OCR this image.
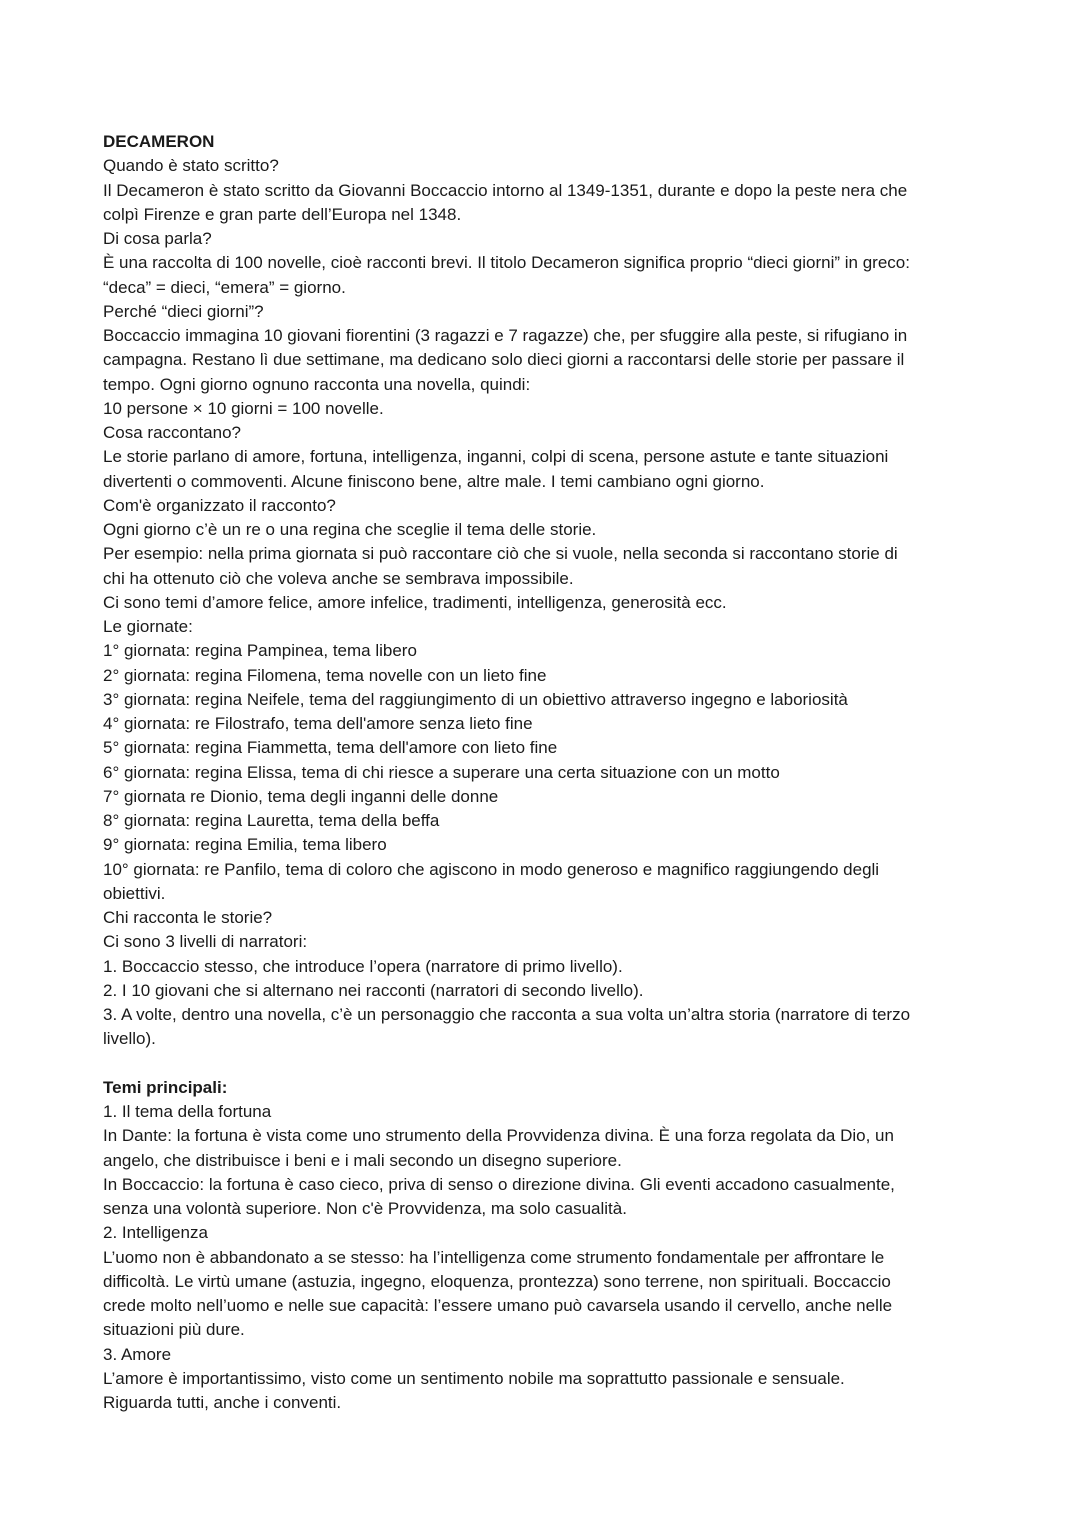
DECAMERON
Quando è stato scritto?
Il Decameron è stato scritto da Giovanni Boccaccio intorno al 1349-1351, durante e dopo la peste nera che
colpì Firenze e gran parte dell’Europa nel 1348.
Di cosa parla?
È una raccolta di 100 novelle, cioè racconti brevi. Il titolo Decameron significa proprio “dieci giorni” in greco:
“deca” = dieci, “emera” = giorno.
Perché “dieci giorni”?
Boccaccio immagina 10 giovani fiorentini (3 ragazzi e 7 ragazze) che, per sfuggire alla peste, si rifugiano in
campagna. Restano lì due settimane, ma dedicano solo dieci giorni a raccontarsi delle storie per passare il
tempo. Ogni giorno ognuno racconta una novella, quindi:
10 persone × 10 giorni = 100 novelle.
Cosa raccontano?
Le storie parlano di amore, fortuna, intelligenza, inganni, colpi di scena, persone astute e tante situazioni
divertenti o commoventi. Alcune finiscono bene, altre male. I temi cambiano ogni giorno.
Com'è organizzato il racconto?
Ogni giorno c’è un re o una regina che sceglie il tema delle storie.
Per esempio: nella prima giornata si può raccontare ciò che si vuole, nella seconda si raccontano storie di
chi ha ottenuto ciò che voleva anche se sembrava impossibile.
Ci sono temi d’amore felice, amore infelice, tradimenti, intelligenza, generosità ecc.
Le giornate:
1° giornata: regina Pampinea, tema libero
2° giornata: regina Filomena, tema novelle con un lieto fine
3° giornata: regina Neifele, tema del raggiungimento di un obiettivo attraverso ingegno e laboriosità
4° giornata: re Filostrafo, tema dell'amore senza lieto fine
5° giornata: regina Fiammetta, tema dell'amore con lieto fine
6° giornata: regina Elissa, tema di chi riesce a superare una certa situazione con un motto
7° giornata re Dionio, tema degli inganni delle donne
8° giornata: regina Lauretta, tema della beffa
9° giornata: regina Emilia, tema libero
10° giornata: re Panfilo, tema di coloro che agiscono in modo generoso e magnifico raggiungendo degli
obiettivi.
Chi racconta le storie?
Ci sono 3 livelli di narratori:
1. Boccaccio stesso, che introduce l’opera (narratore di primo livello).
2. I 10 giovani che si alternano nei racconti (narratori di secondo livello).
3. A volte, dentro una novella, c’è un personaggio che racconta a sua volta un’altra storia (narratore di terzo
livello).
Temi principali:
1. Il tema della fortuna
In Dante: la fortuna è vista come uno strumento della Provvidenza divina. È una forza regolata da Dio, un
angelo, che distribuisce i beni e i mali secondo un disegno superiore.
In Boccaccio: la fortuna è caso cieco, priva di senso o direzione divina. Gli eventi accadono casualmente,
senza una volontà superiore. Non c'è Provvidenza, ma solo casualità.
2. Intelligenza
L’uomo non è abbandonato a se stesso: ha l’intelligenza come strumento fondamentale per affrontare le
difficoltà. Le virtù umane (astuzia, ingegno, eloquenza, prontezza) sono terrene, non spirituali. Boccaccio
crede molto nell’uomo e nelle sue capacità: l’essere umano può cavarsela usando il cervello, anche nelle
situazioni più dure.
3. Amore
L’amore è importantissimo, visto come un sentimento nobile ma soprattutto passionale e sensuale.
Riguarda tutti, anche i conventi.
